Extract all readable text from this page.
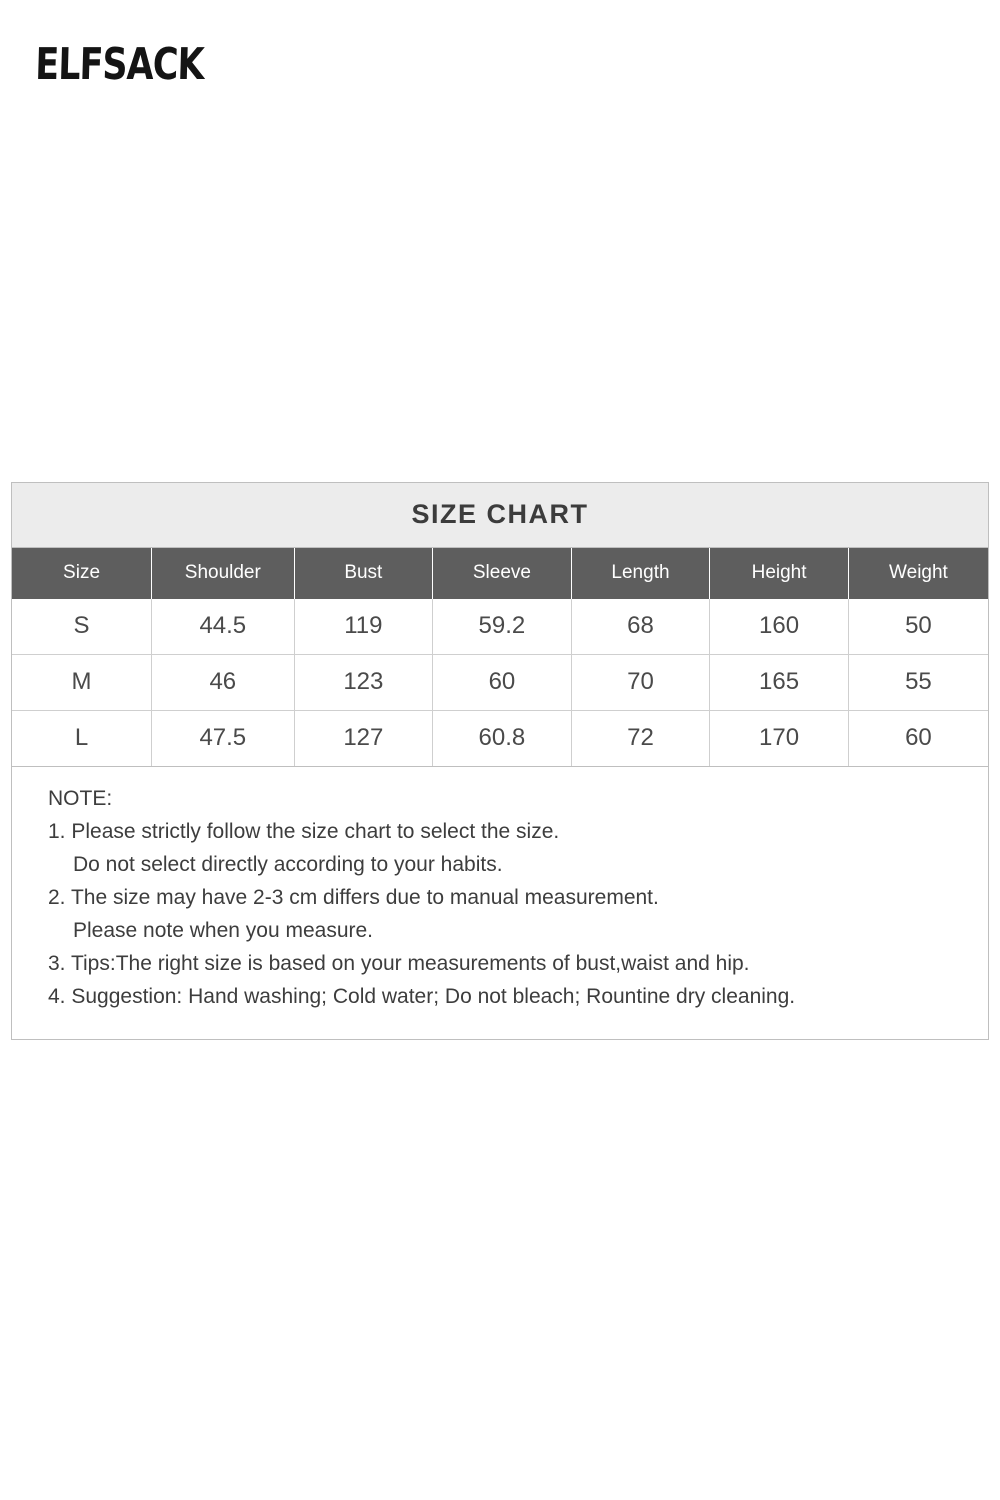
ELFSACK
SIZE CHART
Size	Shoulder	Bust	Sleeve	Length	Height	Weight
S	44.5	119	59.2	68	160	50
M	46	123	60	70	165	55
L	47.5	127	60.8	72	170	60
NOTE:
1. Please strictly follow the size chart to select the size.
Do not select directly according to your habits.
2. The size may have 2-3 cm differs due to manual measurement.
Please note when you measure.
3. Tips:The right size is based on your measurements of bust,waist and hip.
4. Suggestion: Hand washing; Cold water; Do not bleach; Rountine dry cleaning.
